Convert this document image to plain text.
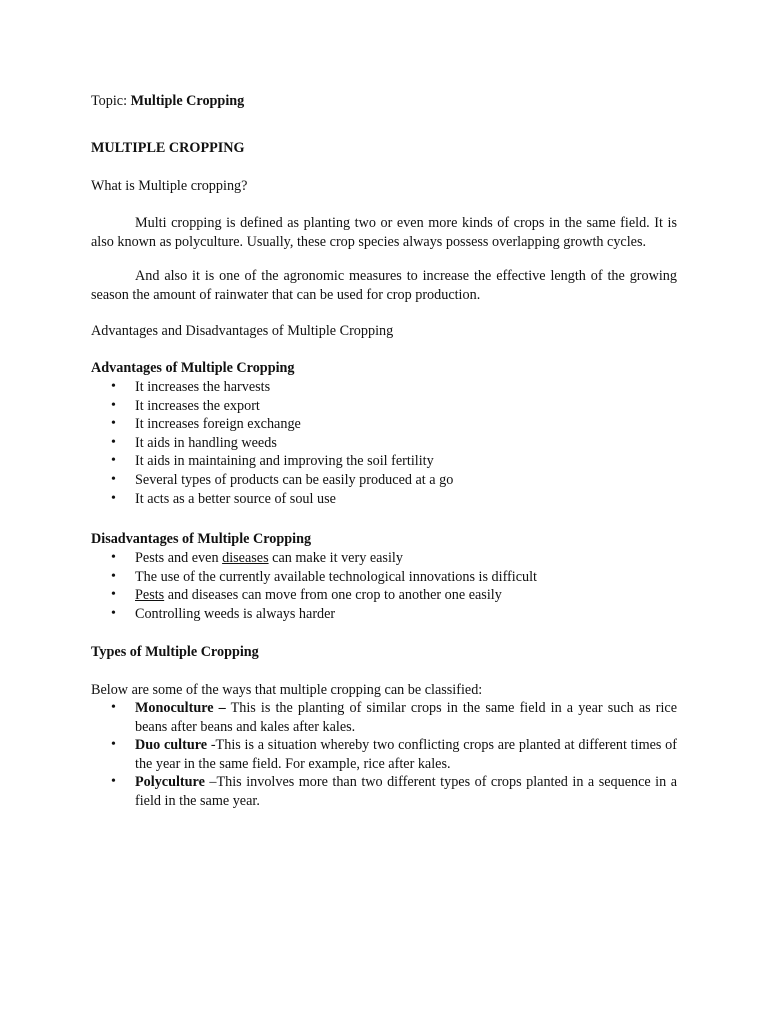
Topic: Multiple Cropping

MULTIPLE CROPPING

What is Multiple cropping?

Multi cropping is defined as planting two or even more kinds of crops in the same field. It is also known as polyculture. Usually, these crop species always possess overlapping growth cycles.

And also it is one of the agronomic measures to increase the effective length of the growing season the amount of rainwater that can be used for crop production.

Advantages and Disadvantages of Multiple Cropping

Advantages of Multiple Cropping

• It increases the harvests
• It increases the export
• It increases foreign exchange
• It aids in handling weeds
• It aids in maintaining and improving the soil fertility
• Several types of products can be easily produced at a go
• It acts as a better source of soul use

Disadvantages of Multiple Cropping

• Pests and even diseases can make it very easily
• The use of the currently available technological innovations is difficult
• Pests and diseases can move from one crop to another one easily
• Controlling weeds is always harder

Types of Multiple Cropping

Below are some of the ways that multiple cropping can be classified:

• Monoculture – This is the planting of similar crops in the same field in a year such as rice beans after beans and kales after kales.
• Duo culture -This is a situation whereby two conflicting crops are planted at different times of the year in the same field. For example, rice after kales.
• Polyculture –This involves more than two different types of crops planted in a sequence in a field in the same year.
